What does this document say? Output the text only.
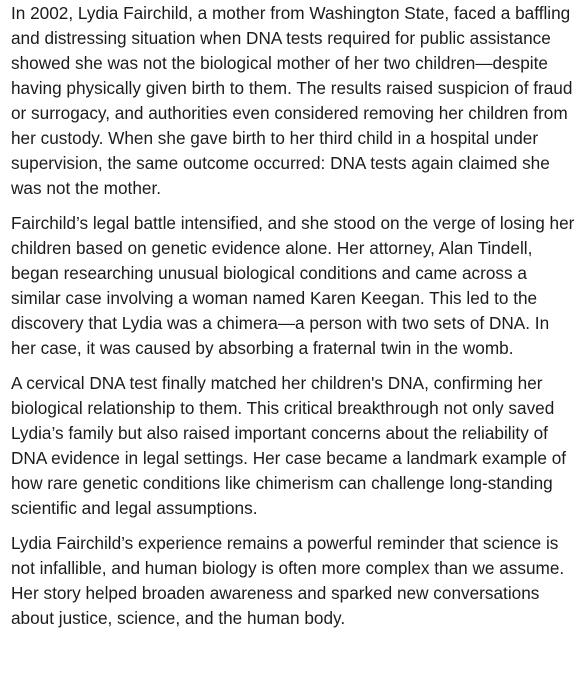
In 2002, Lydia Fairchild, a mother from Washington State, faced a baffling and distressing situation when DNA tests required for public assistance showed she was not the biological mother of her two children—despite having physically given birth to them. The results raised suspicion of fraud or surrogacy, and authorities even considered removing her children from her custody. When she gave birth to her third child in a hospital under supervision, the same outcome occurred: DNA tests again claimed she was not the mother.

Fairchild’s legal battle intensified, and she stood on the verge of losing her children based on genetic evidence alone. Her attorney, Alan Tindell, began researching unusual biological conditions and came across a similar case involving a woman named Karen Keegan. This led to the discovery that Lydia was a chimera—a person with two sets of DNA. In her case, it was caused by absorbing a fraternal twin in the womb.

A cervical DNA test finally matched her children's DNA, confirming her biological relationship to them. This critical breakthrough not only saved Lydia’s family but also raised important concerns about the reliability of DNA evidence in legal settings. Her case became a landmark example of how rare genetic conditions like chimerism can challenge long-standing scientific and legal assumptions.

Lydia Fairchild’s experience remains a powerful reminder that science is not infallible, and human biology is often more complex than we assume. Her story helped broaden awareness and sparked new conversations about justice, science, and the human body.
